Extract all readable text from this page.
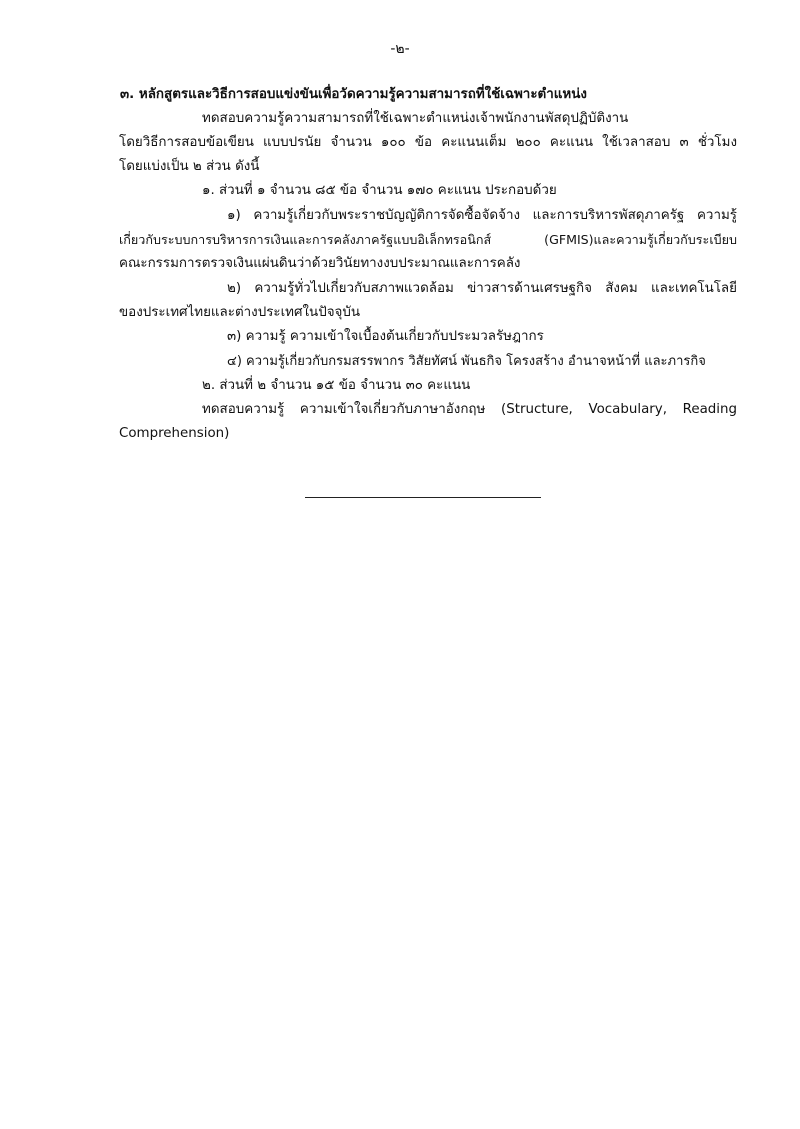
-๒-
๓. หลักสูตรและวิธีการสอบแข่งขันเพื่อวัดความรู้ความสามารถที่ใช้เฉพาะตำแหน่ง
ทดสอบความรู้ความสามารถที่ใช้เฉพาะตำแหน่งเจ้าพนักงานพัสดุปฏิบัติงาน
โดยวิธีการสอบข้อเขียน แบบปรนัย จำนวน ๑๐๐ ข้อ คะแนนเต็ม ๒๐๐ คะแนน ใช้เวลาสอบ ๓ ชั่วโมง
โดยแบ่งเป็น ๒ ส่วน ดังนี้
๑. ส่วนที่ ๑ จำนวน ๘๕ ข้อ จำนวน ๑๗๐ คะแนน ประกอบด้วย
๑) ความรู้เกี่ยวกับพระราชบัญญัติการจัดซื้อจัดจ้าง และการบริหารพัสดุภาครัฐ ความรู้
เกี่ยวกับระบบการบริหารการเงินและการคลังภาครัฐแบบอิเล็กทรอนิกส์ (GFMIS)และความรู้เกี่ยวกับระเบียบ
คณะกรรมการตรวจเงินแผ่นดินว่าด้วยวินัยทางงบประมาณและการคลัง
๒) ความรู้ทั่วไปเกี่ยวกับสภาพแวดล้อม ข่าวสารด้านเศรษฐกิจ สังคม และเทคโนโลยี
ของประเทศไทยและต่างประเทศในปัจจุบัน
๓) ความรู้ ความเข้าใจเบื้องต้นเกี่ยวกับประมวลรัษฎากร
๔) ความรู้เกี่ยวกับกรมสรรพากร วิสัยทัศน์ พันธกิจ โครงสร้าง อำนาจหน้าที่ และภารกิจ
๒. ส่วนที่ ๒ จำนวน ๑๕ ข้อ จำนวน ๓๐ คะแนน
ทดสอบความรู้ ความเข้าใจเกี่ยวกับภาษาอังกฤษ (Structure, Vocabulary, Reading
Comprehension)
